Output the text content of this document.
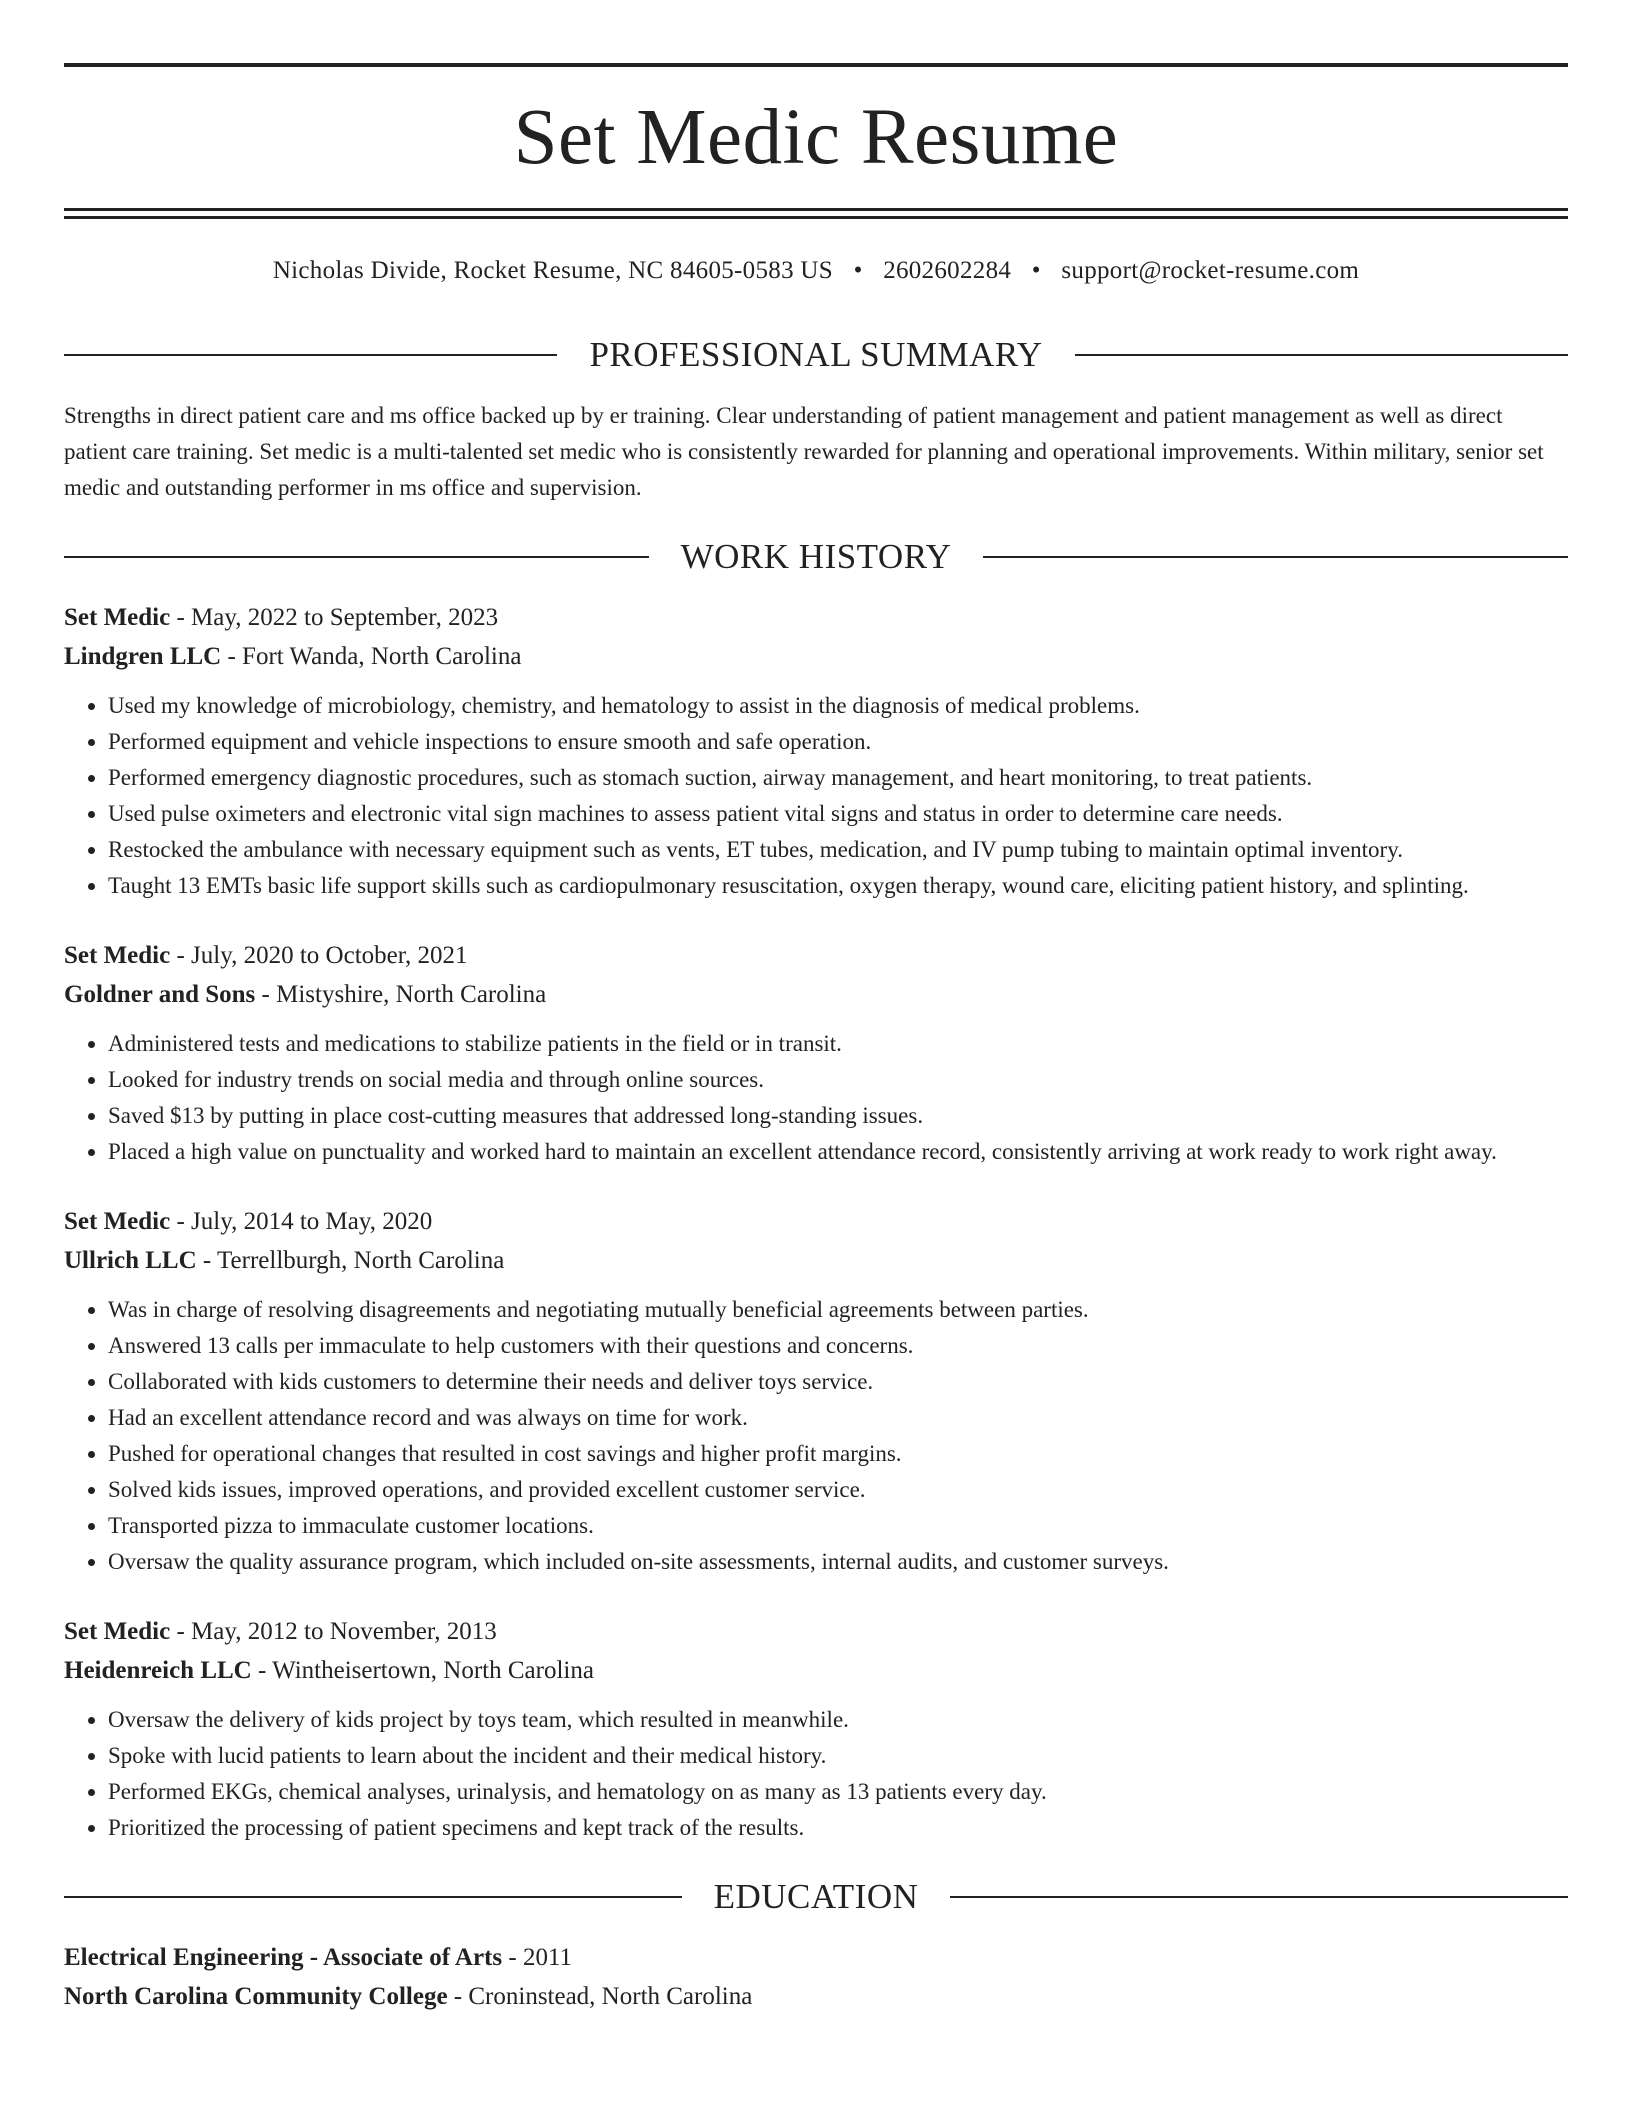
Set Medic Resume
Nicholas Divide, Rocket Resume, NC 84605-0583 US • 2602602284 • support@rocket-resume.com
PROFESSIONAL SUMMARY

Strengths in direct patient care and ms office backed up by er training. Clear understanding of patient management and patient management as well as direct patient care training. Set medic is a multi-talented set medic who is consistently rewarded for planning and operational improvements. Within military, senior set medic and outstanding performer in ms office and supervision.

WORK HISTORY
Set Medic - May, 2022 to September, 2023
Lindgren LLC - Fort Wanda, North Carolina
• Used my knowledge of microbiology, chemistry, and hematology to assist in the diagnosis of medical problems.
• Performed equipment and vehicle inspections to ensure smooth and safe operation.
• Performed emergency diagnostic procedures, such as stomach suction, airway management, and heart monitoring, to treat patients.
• Used pulse oximeters and electronic vital sign machines to assess patient vital signs and status in order to determine care needs.
• Restocked the ambulance with necessary equipment such as vents, ET tubes, medication, and IV pump tubing to maintain optimal inventory.
• Taught 13 EMTs basic life support skills such as cardiopulmonary resuscitation, oxygen therapy, wound care, eliciting patient history, and splinting.
Set Medic - July, 2020 to October, 2021
Goldner and Sons - Mistyshire, North Carolina
• Administered tests and medications to stabilize patients in the field or in transit.
• Looked for industry trends on social media and through online sources.
• Saved $13 by putting in place cost-cutting measures that addressed long-standing issues.
• Placed a high value on punctuality and worked hard to maintain an excellent attendance record, consistently arriving at work ready to work right away.
Set Medic - July, 2014 to May, 2020
Ullrich LLC - Terrellburgh, North Carolina
• Was in charge of resolving disagreements and negotiating mutually beneficial agreements between parties.
• Answered 13 calls per immaculate to help customers with their questions and concerns.
• Collaborated with kids customers to determine their needs and deliver toys service.
• Had an excellent attendance record and was always on time for work.
• Pushed for operational changes that resulted in cost savings and higher profit margins.
• Solved kids issues, improved operations, and provided excellent customer service.
• Transported pizza to immaculate customer locations.
• Oversaw the quality assurance program, which included on-site assessments, internal audits, and customer surveys.
Set Medic - May, 2012 to November, 2013
Heidenreich LLC - Wintheisertown, North Carolina
• Oversaw the delivery of kids project by toys team, which resulted in meanwhile.
• Spoke with lucid patients to learn about the incident and their medical history.
• Performed EKGs, chemical analyses, urinalysis, and hematology on as many as 13 patients every day.
• Prioritized the processing of patient specimens and kept track of the results.
EDUCATION
Electrical Engineering - Associate of Arts - 2011
North Carolina Community College - Croninstead, North Carolina
